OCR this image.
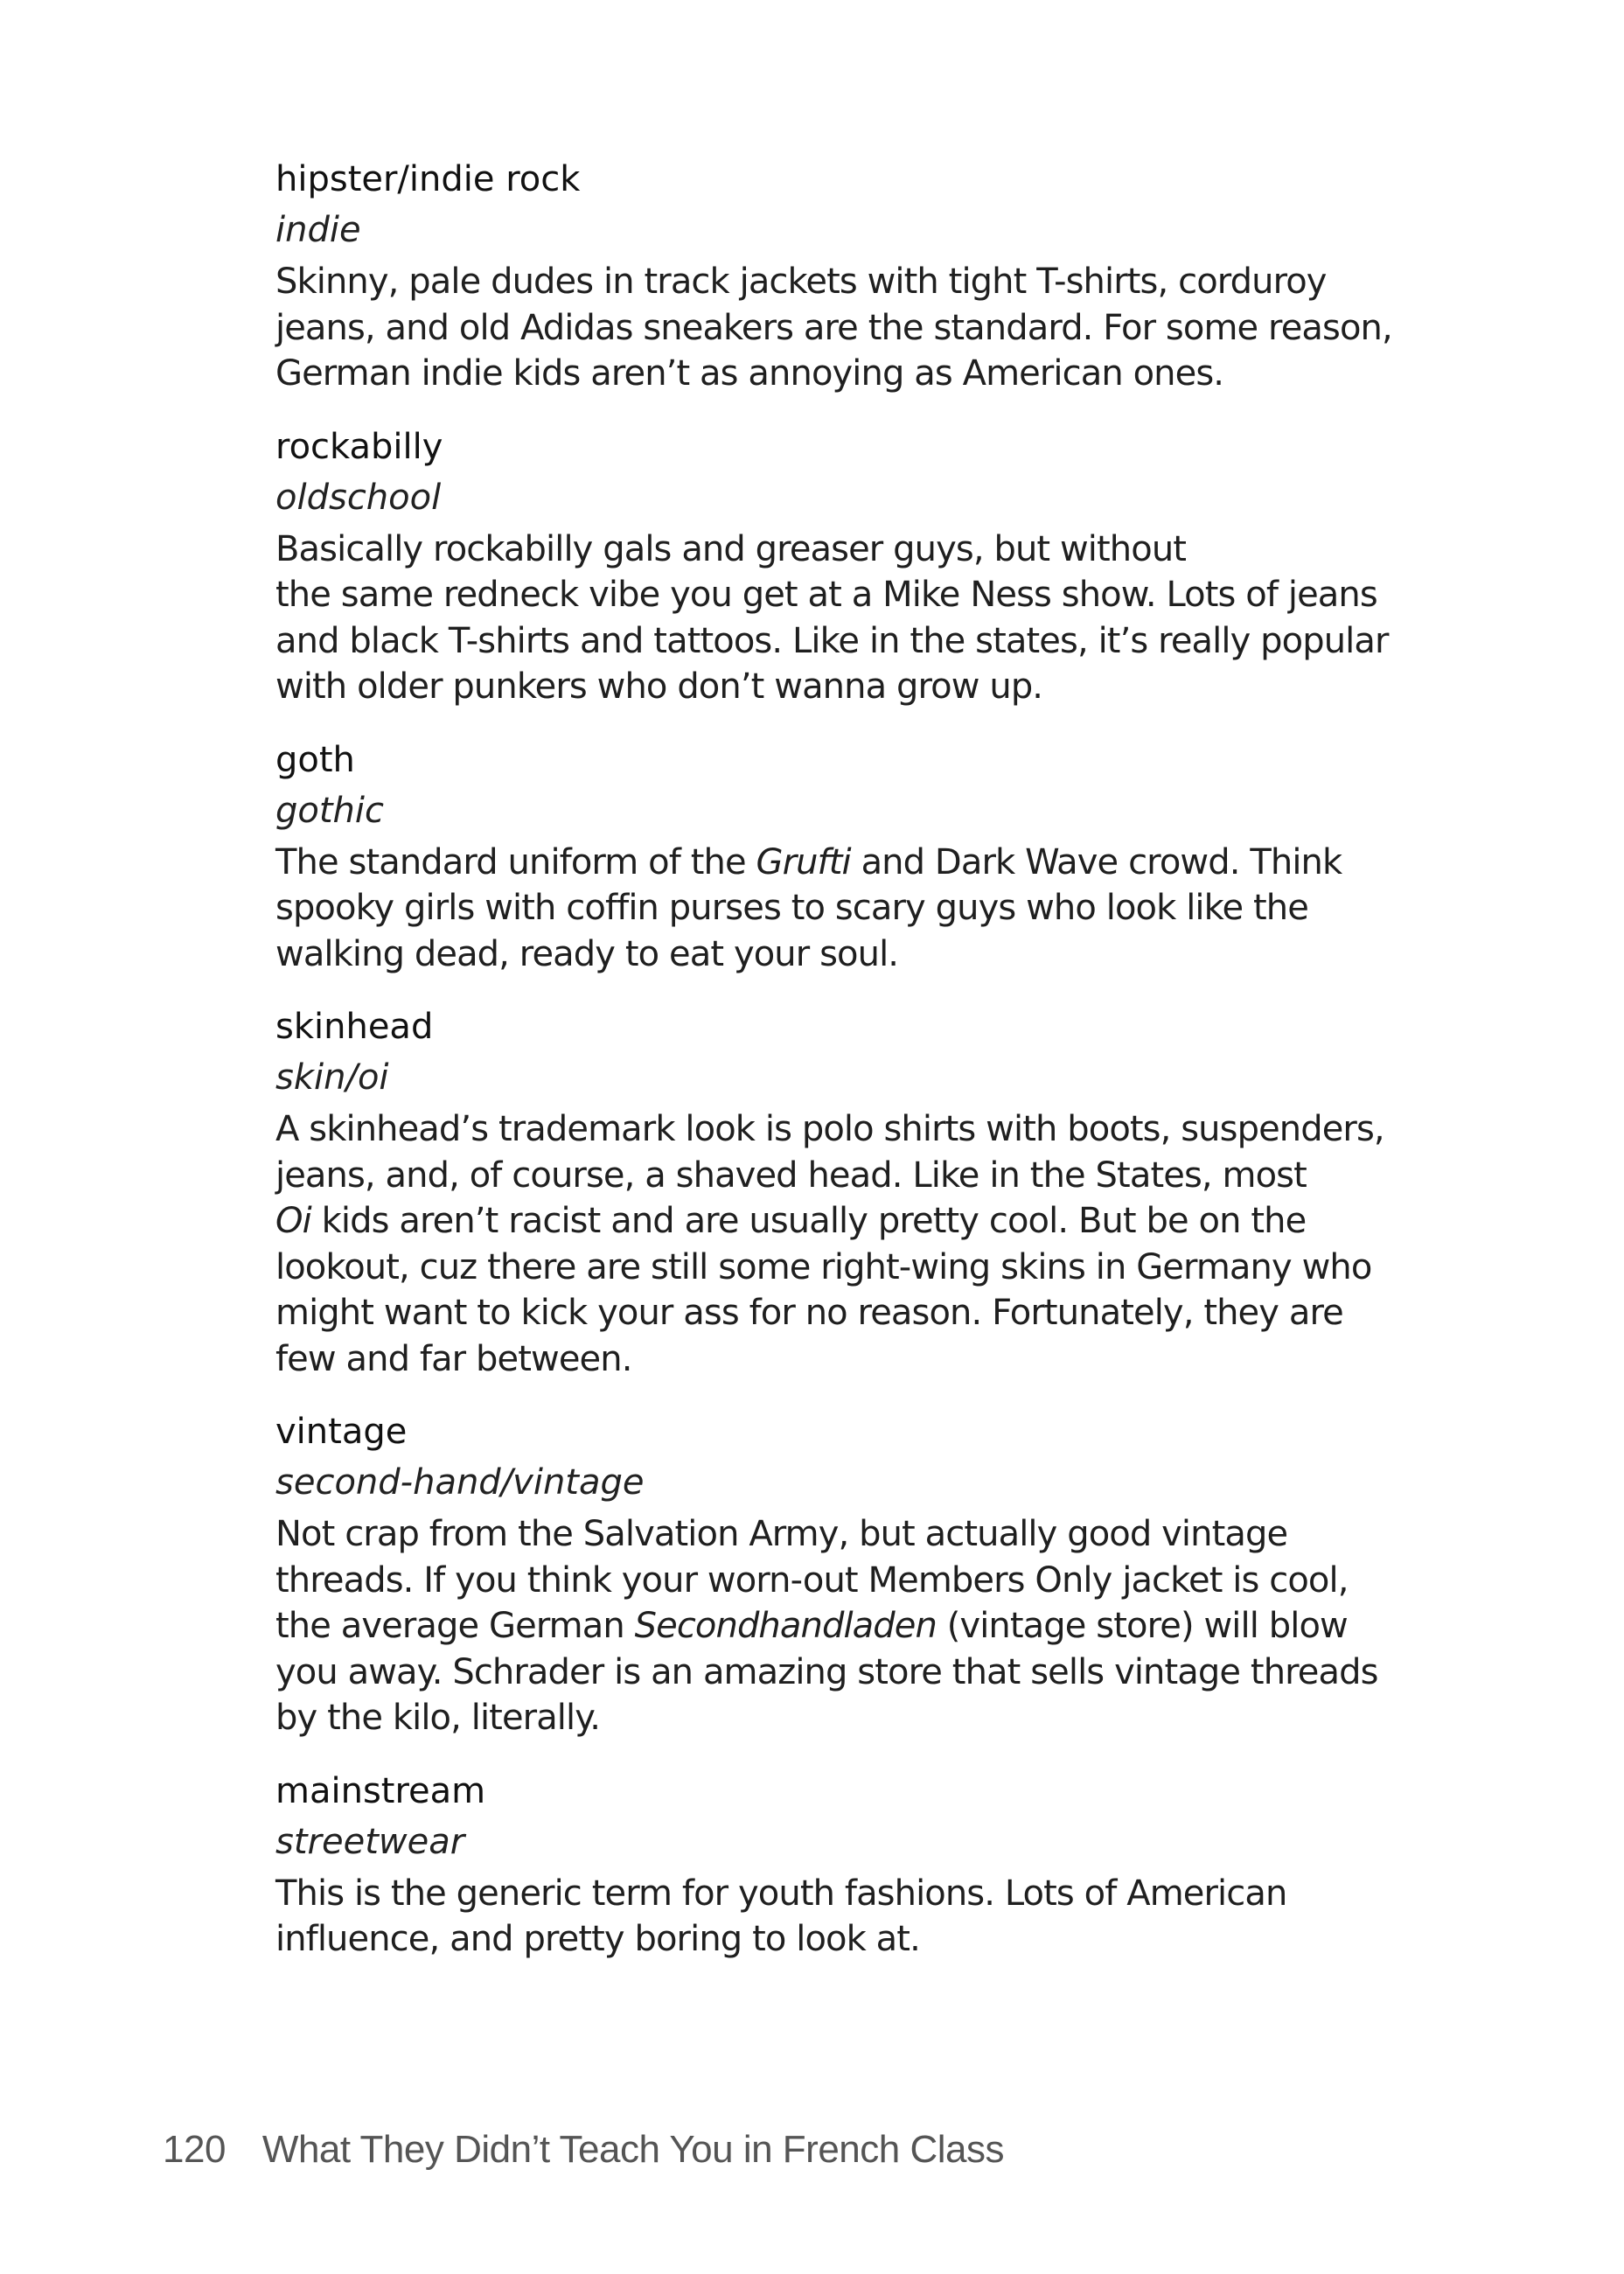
hipster/indie rock
indie
Skinny, pale dudes in track jackets with tight T-shirts, corduroy
jeans, and old Adidas sneakers are the standard. For some reason,
German indie kids aren’t as annoying as American ones.
rockabilly
oldschool
Basically rockabilly gals and greaser guys, but without
the same redneck vibe you get at a Mike Ness show. Lots of jeans
and black T-shirts and tattoos. Like in the states, it’s really popular
with older punkers who don’t wanna grow up.
goth
gothic
The standard uniform of the Grufti and Dark Wave crowd. Think
spooky girls with coffin purses to scary guys who look like the
walking dead, ready to eat your soul.
skinhead
skin/oi
A skinhead’s trademark look is polo shirts with boots, suspenders,
jeans, and, of course, a shaved head. Like in the States, most
Oi kids aren’t racist and are usually pretty cool. But be on the
lookout, cuz there are still some right-wing skins in Germany who
might want to kick your ass for no reason. Fortunately, they are
few and far between.
vintage
second-hand/vintage
Not crap from the Salvation Army, but actually good vintage
threads. If you think your worn-out Members Only jacket is cool,
the average German Secondhandladen (vintage store) will blow
you away. Schrader is an amazing store that sells vintage threads
by the kilo, literally.
mainstream
streetwear
This is the generic term for youth fashions. Lots of American
influence, and pretty boring to look at.
120 What They Didn’t Teach You in French Class
